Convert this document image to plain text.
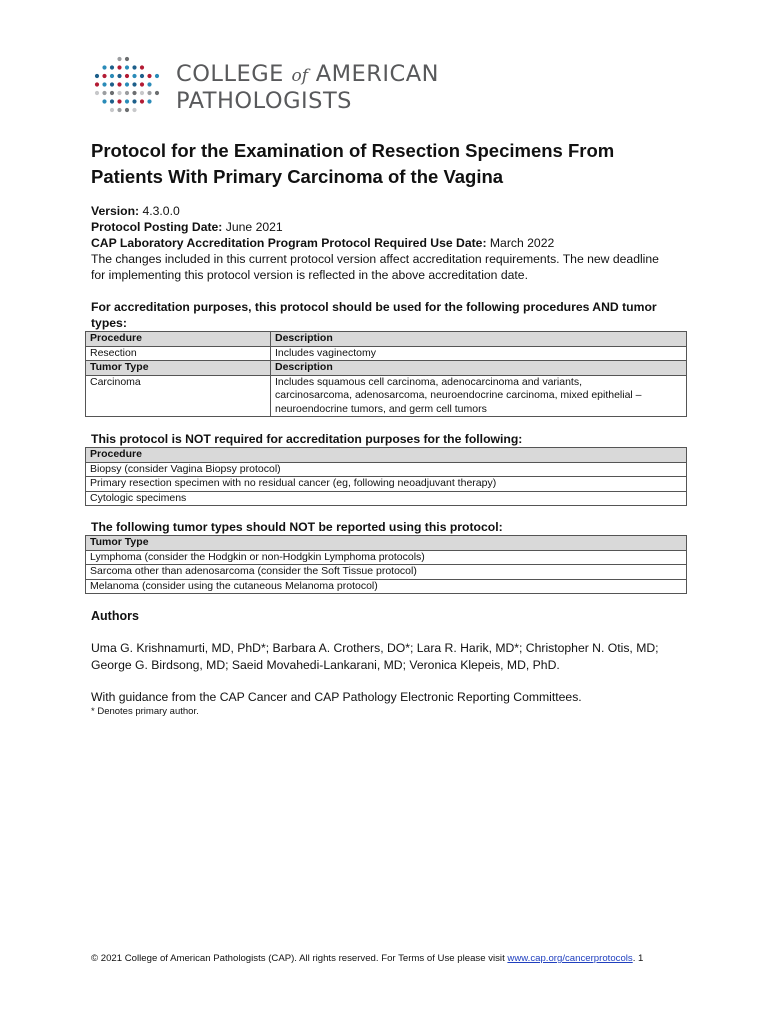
COLLEGE of AMERICAN
PATHOLOGISTS
Protocol for the Examination of Resection Specimens From Patients With Primary Carcinoma of the Vagina
Version: 4.3.0.0
Protocol Posting Date: June 2021
CAP Laboratory Accreditation Program Protocol Required Use Date: March 2022
The changes included in this current protocol version affect accreditation requirements. The new deadline
for implementing this protocol version is reflected in the above accreditation date.
For accreditation purposes, this protocol should be used for the following procedures AND tumor
types:
Procedure	Description
Resection	Includes vaginectomy
Tumor Type	Description
Carcinoma	Includes squamous cell carcinoma, adenocarcinoma and variants,
carcinosarcoma, adenosarcoma, neuroendocrine carcinoma, mixed epithelial –
neuroendocrine tumors, and germ cell tumors
This protocol is NOT required for accreditation purposes for the following:
Procedure
Biopsy (consider Vagina Biopsy protocol)
Primary resection specimen with no residual cancer (eg, following neoadjuvant therapy)
Cytologic specimens
The following tumor types should NOT be reported using this protocol:
Tumor Type
Lymphoma (consider the Hodgkin or non-Hodgkin Lymphoma protocols)
Sarcoma other than adenosarcoma (consider the Soft Tissue protocol)
Melanoma (consider using the cutaneous Melanoma protocol)
Authors
Uma G. Krishnamurti, MD, PhD*; Barbara A. Crothers, DO*; Lara R. Harik, MD*; Christopher N. Otis, MD;
George G. Birdsong, MD; Saeid Movahedi-Lankarani, MD; Veronica Klepeis, MD, PhD.
With guidance from the CAP Cancer and CAP Pathology Electronic Reporting Committees.
* Denotes primary author.
© 2021 College of American Pathologists (CAP). All rights reserved. For Terms of Use please visit www.cap.org/cancerprotocols. 1
